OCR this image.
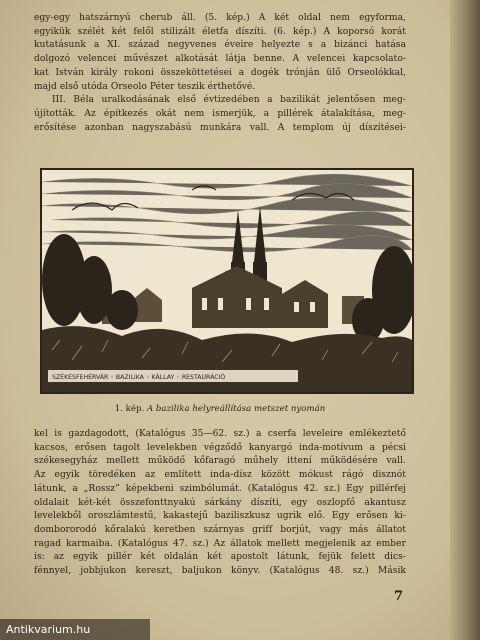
egy-egy hatszárnyú cherub áll. (5. kép.) A két oldal nem egyforma,
egyikük szélét két felől stilizált életfa díszíti. (6. kép.) A koporsó korát
kutatásunk a XI. század negyvenes éveire helyezte s a bizánci hatása
dolgozó velencei művészet alkotását látja benne. A velencei kapcsolato-
kat István király rokoni összeköttetései a dogék trónján ülő Orseolókkal,
majd első utóda Orseolo Péter teszik érthetővé.

III. Béla uralkodásának első évtizedében a bazilikát jelentősen meg-
újították. Az építkezés okát nem ismerjük, a pillérek átalakítása, meg-
erősítése azonban nagyszabású munkára vall. A templom új díszítései-

SZÉKESFEHÉRVÁR ◦ BAZILIKA ◦ KÁLLAY ◦ RESTAURÁCIÓ
1. kép. A bazilika helyreállítása metszet nyomán

kel is gazdagodott, (Katalógus 35—62. sz.) a cserfa leveleire emlékeztető
kacsos, erősen tagolt levelekben végződő kanyargó inda-motívum a pécsi
székesegyház mellett működő kőfaragó műhely ittení működésére vall.
Az egyik töredéken az említett inda-dísz között mókust rágó disznót
látunk, a „Rossz” képekbeni szimbólumát. (Katalógus 42. sz.) Egy pillérfej
oldalait két-két összefonttnyakú sárkány díszíti, egy oszlopfő akantusz
levelekből oroszlámtestű, kakastejű baziliszkusz ugrik elő. Egy erősen ki-
dombororodó kőralakú keretben szárnyas griff borjút, vagy más állatot
ragad karmaiba. (Katalógus 47. sz.) Az állatok mellett megjelenik az ember
is: az egyik pillér két oldalán két apostolt látunk, fejük felett dics-
fénnyel, jobbjukon kereszt, baljukon könyv. (Katalógus 48. sz.) Másik

7
Antikvarium.hu
